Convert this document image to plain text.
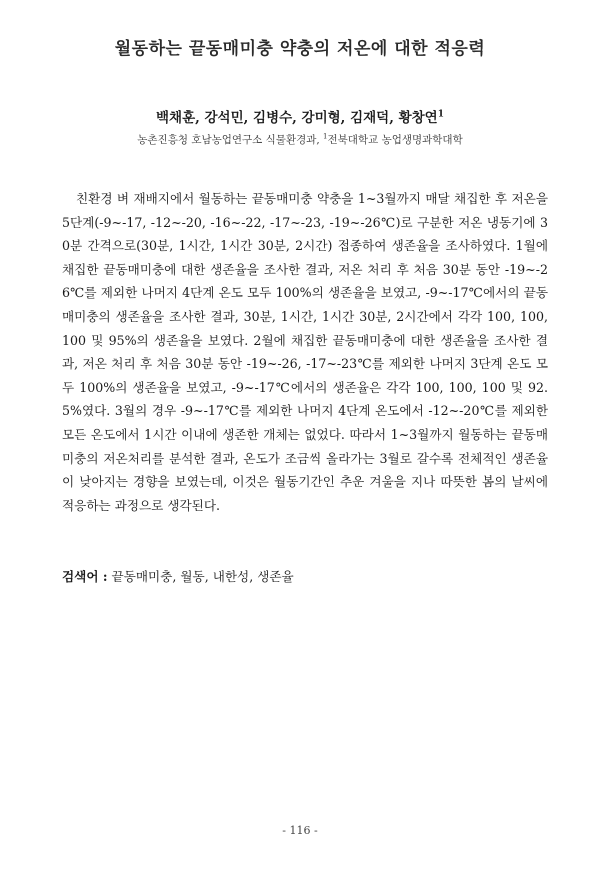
월동하는 끝동매미충 약충의 저온에 대한 적응력

백채훈, 강석민, 김병수, 강미형, 김재덕, 황창연$^1$

농촌진흥청 호남농업연구소 식물환경과, $^1$전북대학교 농업생명과학대학

친환경 벼 재배지에서 월동하는 끝동매미충 약충을 1~3월까지 매달 채집한 후 저온을 5단계(-9~-17, -12~-20, -16~-22, -17~-23, -19~-26℃)로 구분한 저온 냉동기에 30분 간격으로(30분, 1시간, 1시간 30분, 2시간) 접종하여 생존율을 조사하였다. 1월에 채집한 끝동매미충에 대한 생존율을 조사한 결과, 저온 처리 후 처음 30분 동안 -19~-26℃를 제외한 나머지 4단계 온도 모두 100%의 생존율을 보였고, -9~-17℃에서의 끝동매미충의 생존율을 조사한 결과, 30분, 1시간, 1시간 30분, 2시간에서 각각 100, 100, 100 및 95%의 생존율을 보였다. 2월에 채집한 끝동매미충에 대한 생존율을 조사한 결과, 저온 처리 후 처음 30분 동안 -19~-26, -17~-23℃를 제외한 나머지 3단계 온도 모두 100%의 생존율을 보였고, -9~-17℃에서의 생존율은 각각 100, 100, 100 및 92.5%였다. 3월의 경우 -9~-17℃를 제외한 나머지 4단계 온도에서 -12~-20℃를 제외한 모든 온도에서 1시간 이내에 생존한 개체는 없었다. 따라서 1~3월까지 월동하는 끝동매미충의 저온처리를 분석한 결과, 온도가 조금씩 올라가는 3월로 갈수록 전체적인 생존율이 낮아지는 경향을 보였는데, 이것은 월동기간인 추운 겨울을 지나 따뜻한 봄의 날씨에 적응하는 과정으로 생각된다.

검색어 : 끝동매미충, 월동, 내한성, 생존율

- 116 -
